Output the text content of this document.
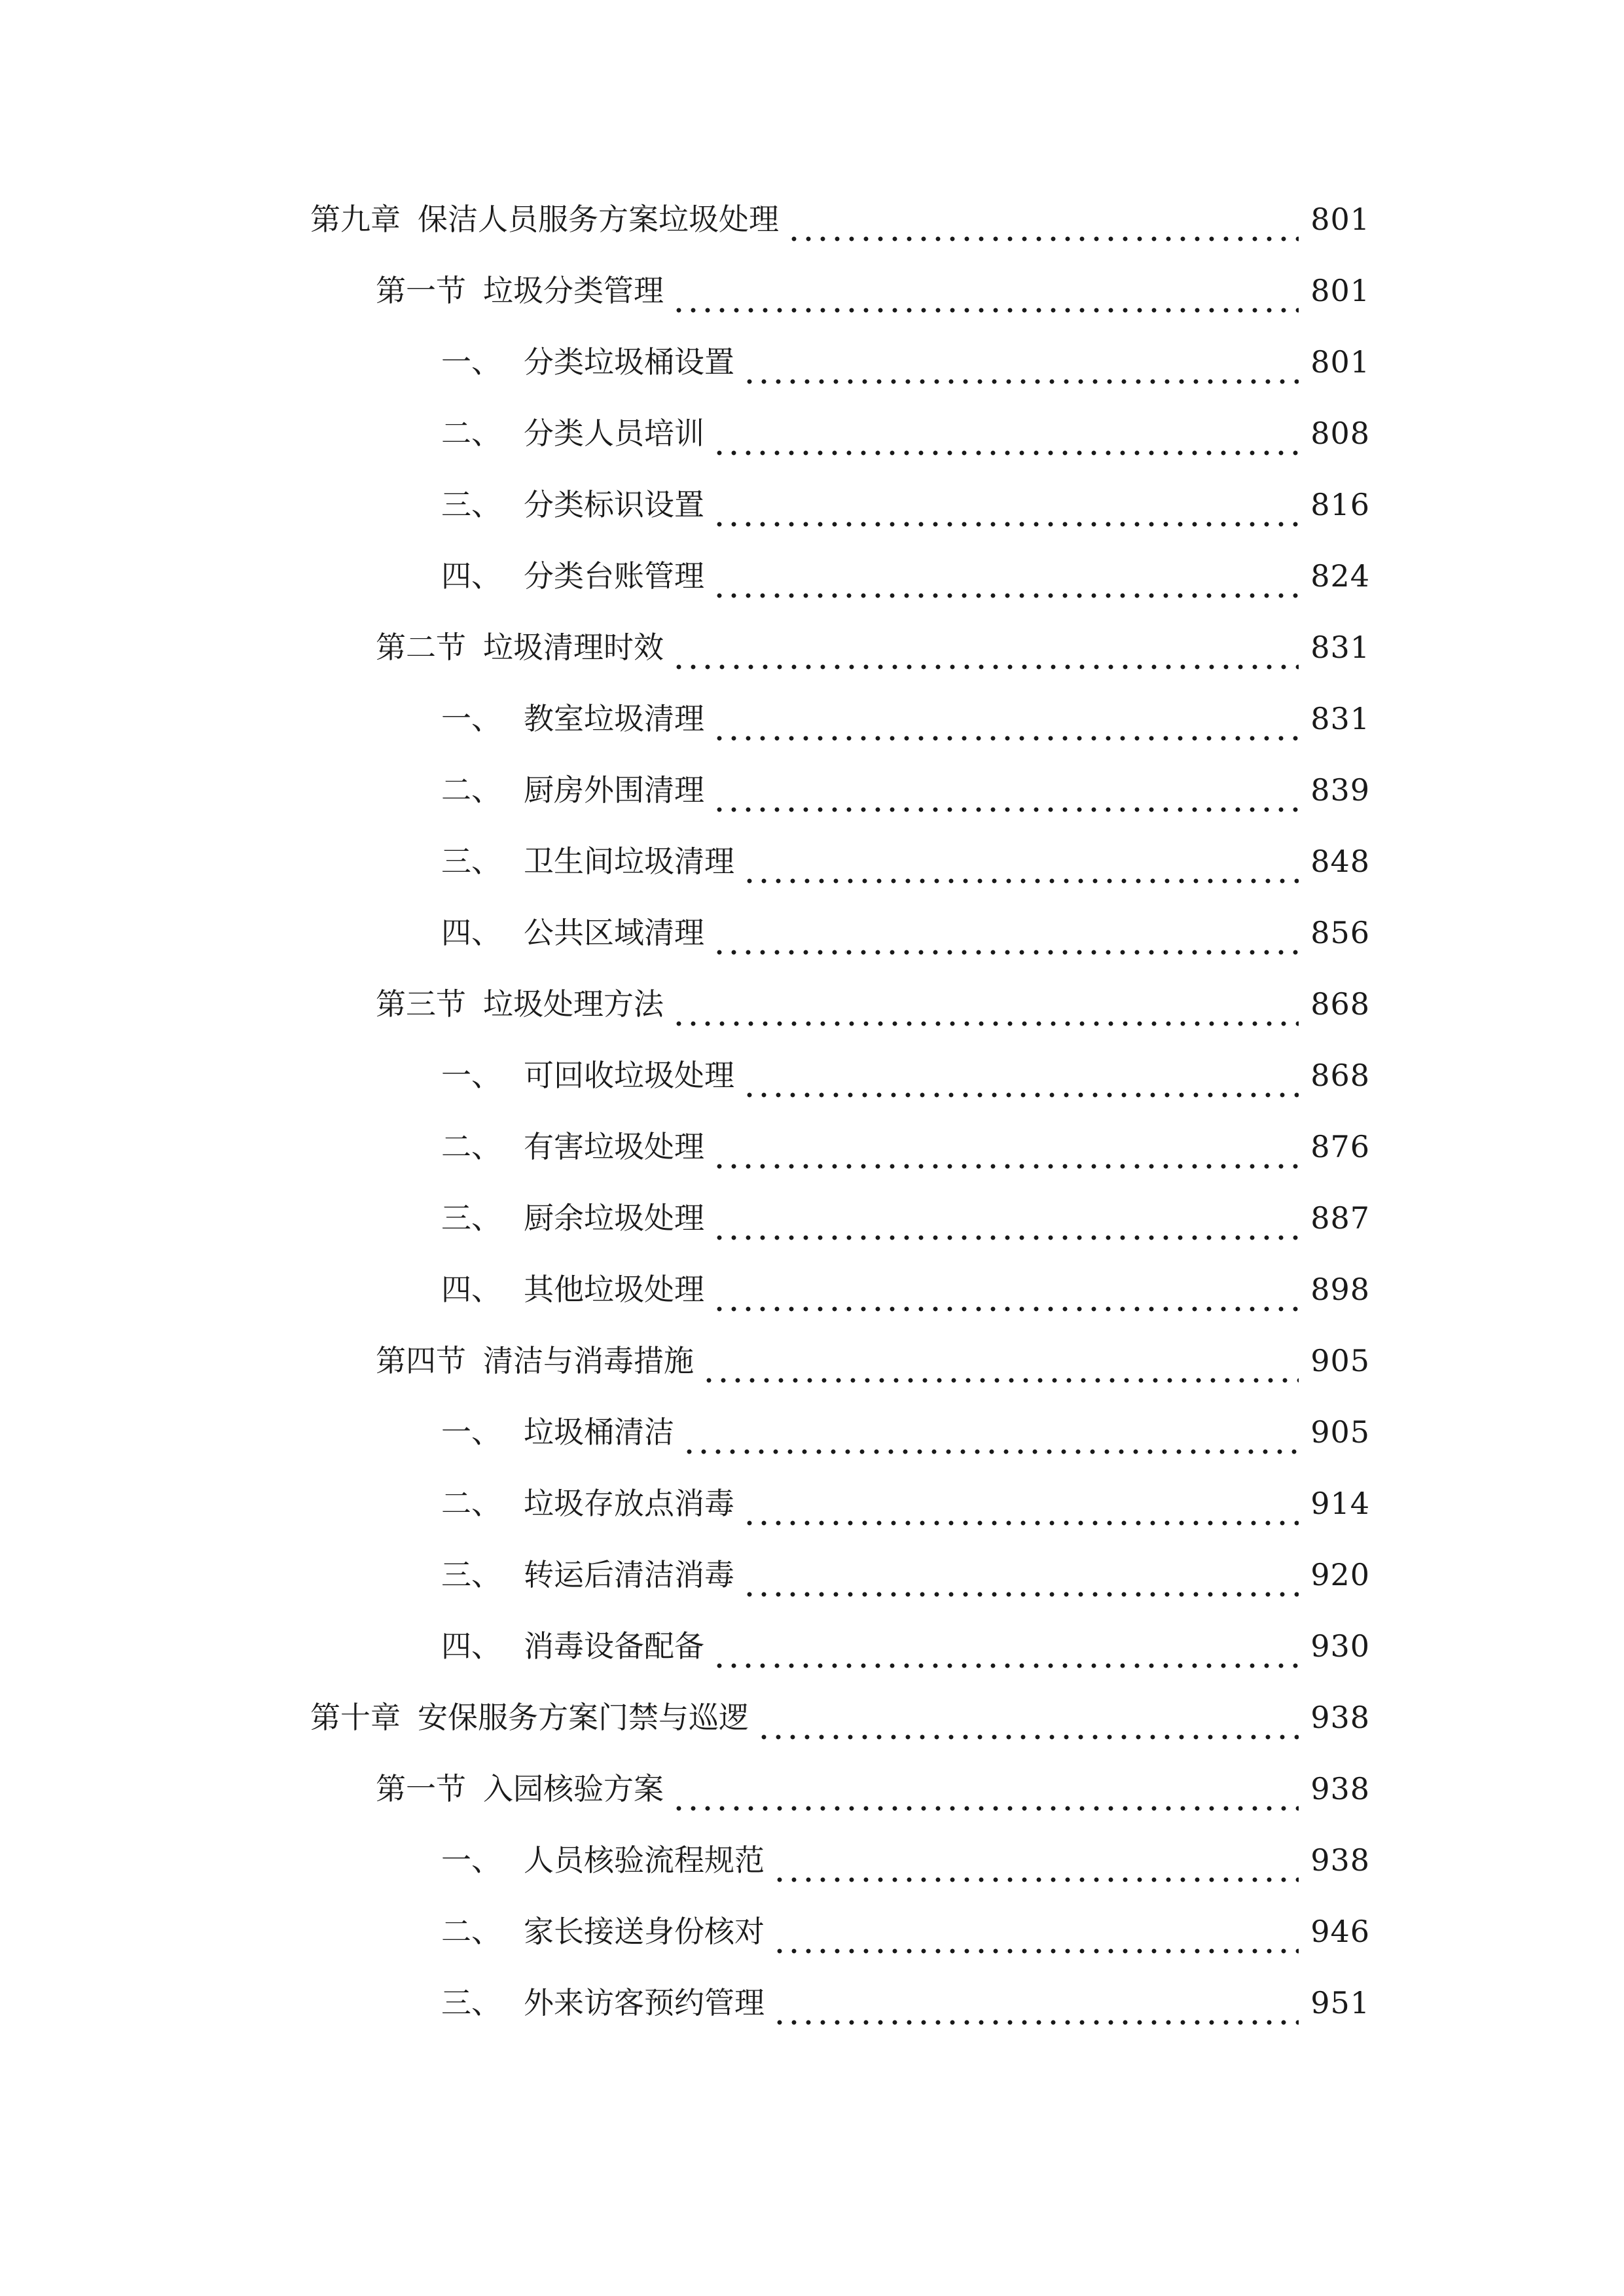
第九章 保洁人员服务方案垃圾处理	801
第一节 垃圾分类管理	801
一、 分类垃圾桶设置	801
二、 分类人员培训	808
三、 分类标识设置	816
四、 分类台账管理	824
第二节 垃圾清理时效	831
一、 教室垃圾清理	831
二、 厨房外围清理	839
三、 卫生间垃圾清理	848
四、 公共区域清理	856
第三节 垃圾处理方法	868
一、 可回收垃圾处理	868
二、 有害垃圾处理	876
三、 厨余垃圾处理	887
四、 其他垃圾处理	898
第四节 清洁与消毒措施	905
一、 垃圾桶清洁	905
二、 垃圾存放点消毒	914
三、 转运后清洁消毒	920
四、 消毒设备配备	930
第十章 安保服务方案门禁与巡逻	938
第一节 入园核验方案	938
一、 人员核验流程规范	938
二、 家长接送身份核对	946
三、 外来访客预约管理	951
